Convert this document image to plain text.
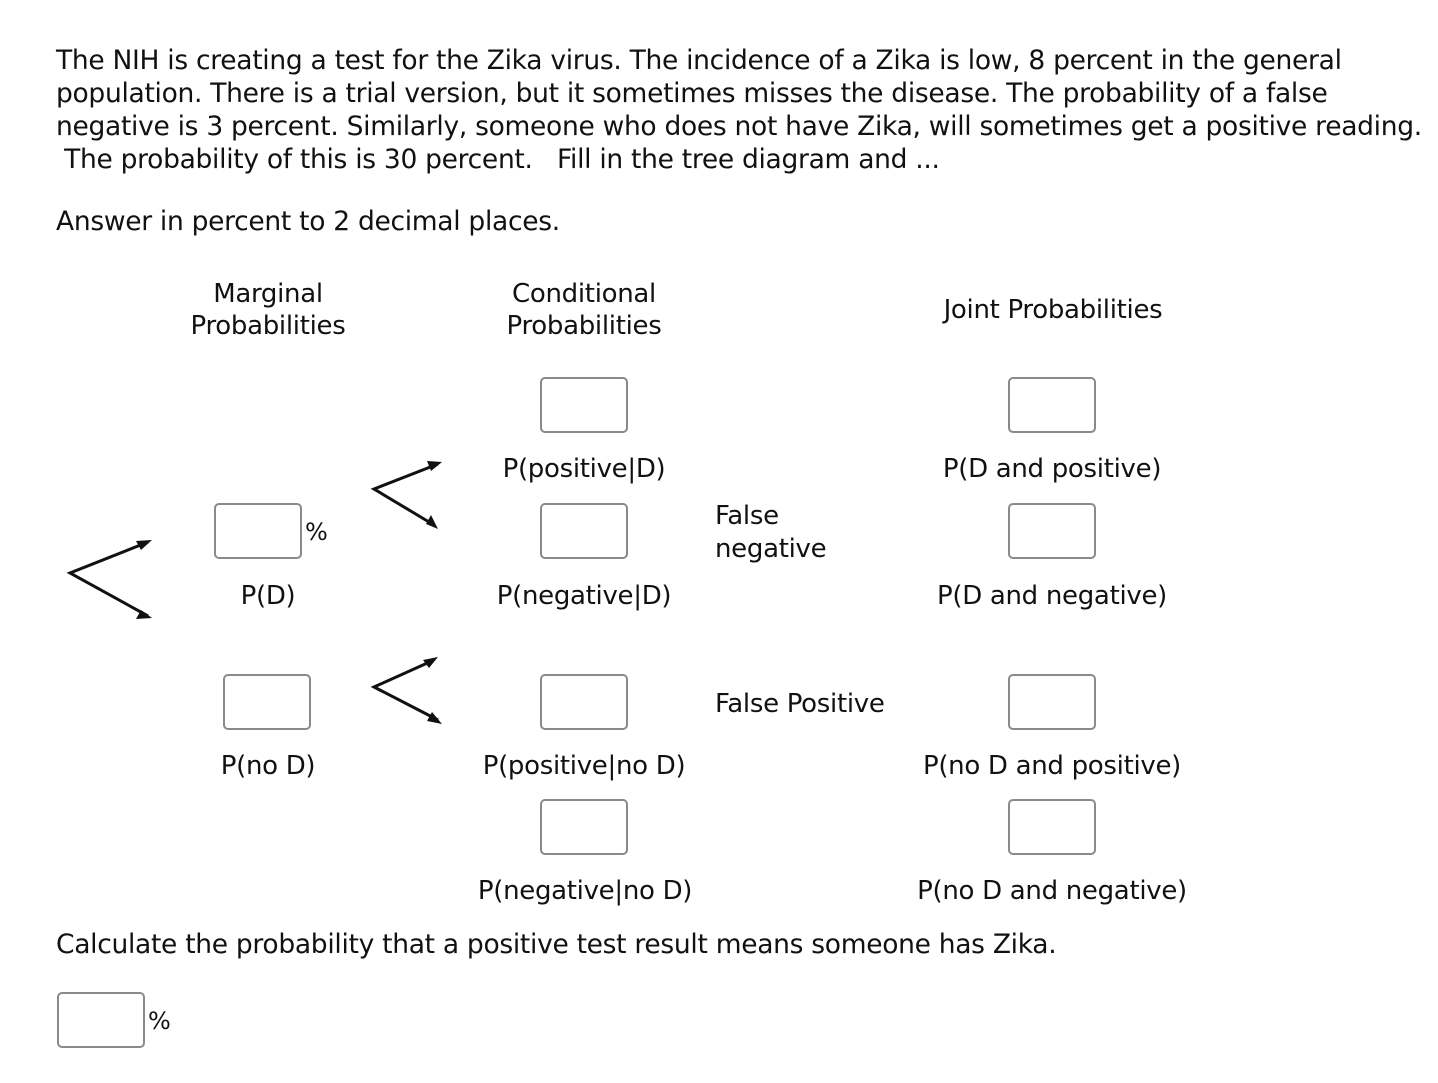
The NIH is creating a test for the Zika virus. The incidence of a Zika is low, 8 percent in the general
population. There is a trial version, but it sometimes misses the disease. The probability of a false
negative is 3 percent. Similarly, someone who does not have Zika, will sometimes get a positive reading.
The probability of this is 30 percent.   Fill in the tree diagram and ...
Answer in percent to 2 decimal places.
Marginal
Probabilities
Conditional
Probabilities
Joint Probabilities
%
P(D)
P(no D)
P(positive|D)
P(negative|D)
P(positive|no D)
P(negative|no D)
False
negative
False Positive
P(D and positive)
P(D and negative)
P(no D and positive)
P(no D and negative)
Calculate the probability that a positive test result means someone has Zika.
%
